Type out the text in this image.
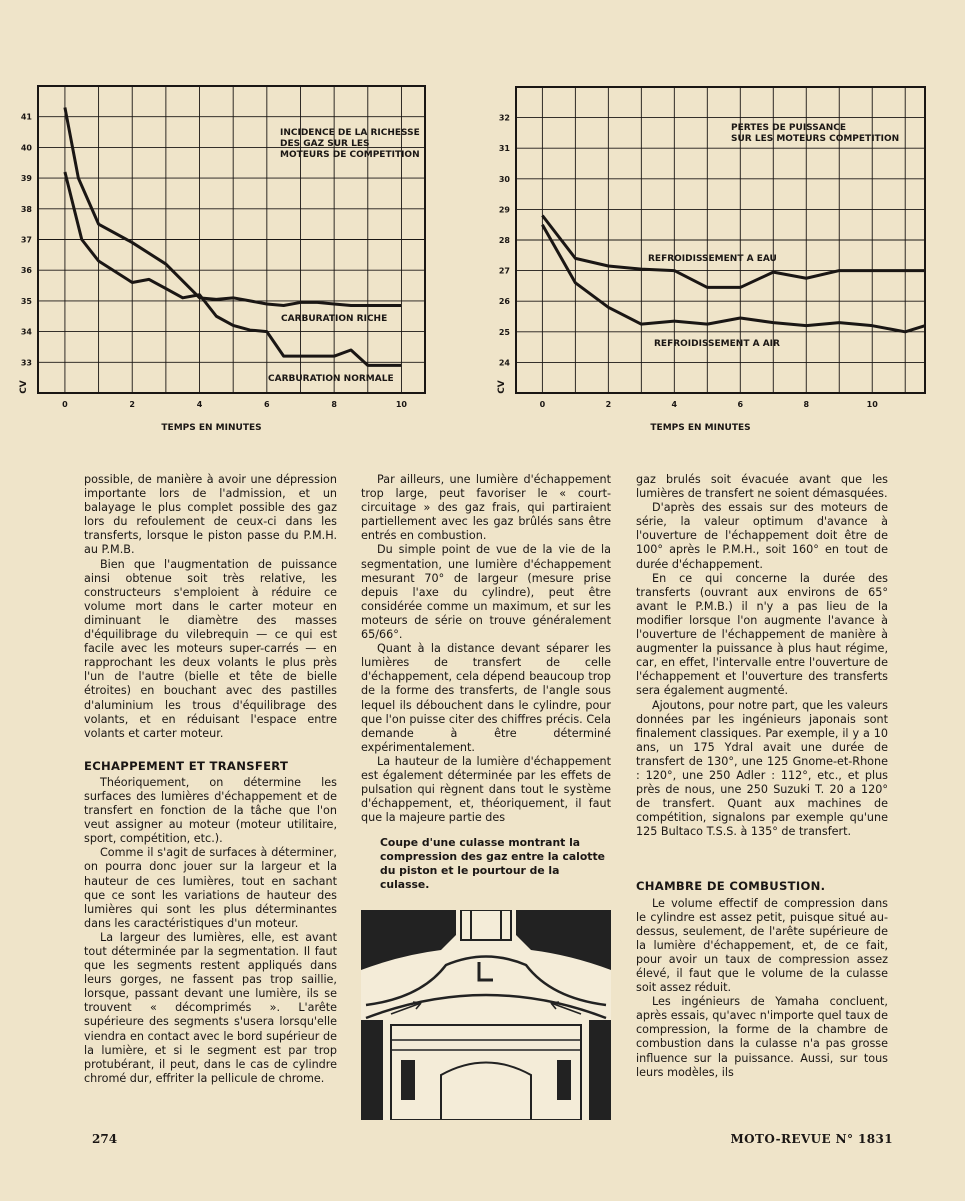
33
34
35
36
37
38
39
40
41
0	2	4	6	8	10
CV
TEMPS EN MINUTES
INCIDENCE DE LA RICHESSE
DES GAZ SUR LES
MOTEURS DE COMPETITION
CARBURATION RICHE
CARBURATION NORMALE
24
25
26
27
28
29
30
31
32
0	2	4	6	8	10
CV
TEMPS EN MINUTES
PERTES DE PUISSANCE
SUR LES MOTEURS COMPETITION
REFROIDISSEMENT A EAU
REFROIDISSEMENT A AIR

possible, de manière à avoir une dépression importante lors de l'admission, et un balayage le plus complet possible des gaz lors du refoulement de ceux-ci dans les transferts, lorsque le piston passe du P.M.H. au P.M.B.

Bien que l'augmentation de puissance ainsi obtenue soit très relative, les constructeurs s'emploient à réduire ce volume mort dans le carter moteur en diminuant le diamètre des masses d'équilibrage du vilebrequin — ce qui est facile avec les moteurs super-carrés — en rapprochant les deux volants le plus près l'un de l'autre (bielle et tête de bielle étroites) en bouchant avec des pastilles d'aluminium les trous d'équilibrage des volants, et en réduisant l'espace entre volants et carter moteur.

ECHAPPEMENT ET TRANSFERT

Théoriquement, on détermine les surfaces des lumières d'échappement et de transfert en fonction de la tâche que l'on veut assigner au moteur (moteur utilitaire, sport, compétition, etc.).

Comme il s'agit de surfaces à déterminer, on pourra donc jouer sur la largeur et la hauteur de ces lumières, tout en sachant que ce sont les variations de hauteur des lumières qui sont les plus déterminantes dans les caractéristiques d'un moteur.

La largeur des lumières, elle, est avant tout déterminée par la segmentation. Il faut que les segments restent appliqués dans leurs gorges, ne fassent pas trop saillie, lorsque, passant devant une lumière, ils se trouvent « décomprimés ». L'arête supérieure des segments s'usera lorsqu'elle viendra en contact avec le bord supérieur de la lumière, et si le segment est par trop protubérant, il peut, dans le cas de cylindre chromé dur, effriter la pellicule de chrome.

Par ailleurs, une lumière d'échappement trop large, peut favoriser le « court-circuitage » des gaz frais, qui partiraient partiellement avec les gaz brûlés sans être entrés en combustion.

Du simple point de vue de la vie de la segmentation, une lumière d'échappement mesurant 70° de largeur (mesure prise depuis l'axe du cylindre), peut être considérée comme un maximum, et sur les moteurs de série on trouve généralement 65/66°.

Quant à la distance devant séparer les lumières de transfert de celle d'échappement, cela dépend beaucoup trop de la forme des transferts, de l'angle sous lequel ils débouchent dans le cylindre, pour que l'on puisse citer des chiffres précis. Cela demande à être déterminé expérimentalement.

La hauteur de la lumière d'échappement est également déterminée par les effets de pulsation qui règnent dans tout le système d'échappement, et, théoriquement, il faut que la majeure partie des

Coupe d'une culasse montrant la compression des gaz entre la calotte du piston et le pourtour de la culasse.

gaz brulés soit évacuée avant que les lumières de transfert ne soient démasquées.

D'après des essais sur des moteurs de série, la valeur optimum d'avance à l'ouverture de l'échappement doit être de 100° après le P.M.H., soit 160° en tout de durée d'échappement.

En ce qui concerne la durée des transferts (ouvrant aux environs de 65° avant le P.M.B.) il n'y a pas lieu de la modifier lorsque l'on augmente l'avance à l'ouverture de l'échappement de manière à augmenter la puissance à plus haut régime, car, en effet, l'intervalle entre l'ouverture de l'échappement et l'ouverture des transferts sera également augmenté.

Ajoutons, pour notre part, que les valeurs données par les ingénieurs japonais sont finalement classiques. Par exemple, il y a 10 ans, un 175 Ydral avait une durée de transfert de 130°, une 125 Gnome-et-Rhone : 120°, une 250 Adler : 112°, etc., et plus près de nous, une 250 Suzuki T. 20 a 120° de transfert. Quant aux machines de compétition, signalons par exemple qu'une 125 Bultaco T.S.S. à 135° de transfert.

CHAMBRE DE COMBUSTION.

Le volume effectif de compression dans le cylindre est assez petit, puisque situé au-dessus, seulement, de l'arête supérieure de la lumière d'échappement, et, de ce fait, pour avoir un taux de compression assez élevé, il faut que le volume de la culasse soit assez réduit.

Les ingénieurs de Yamaha concluent, après essais, qu'avec n'importe quel taux de compression, la forme de la chambre de combustion dans la culasse n'a pas grosse influence sur la puissance. Aussi, sur tous leurs modèles, ils

274	MOTO-REVUE N° 1831
